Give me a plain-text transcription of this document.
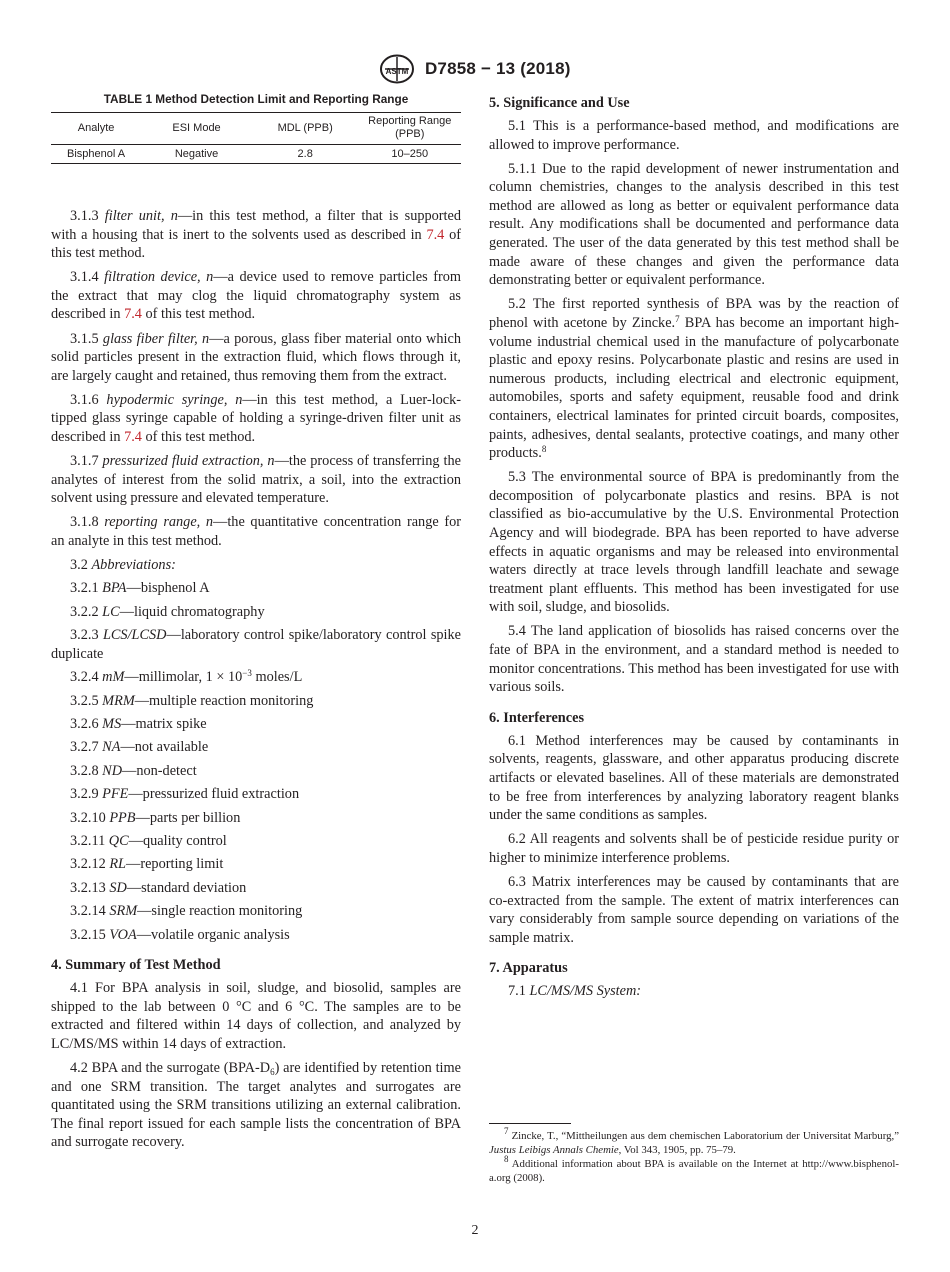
ASTM D7858 − 13 (2018)
TABLE 1 Method Detection Limit and Reporting Range
Analyte	ESI Mode	MDL (PPB)	Reporting Range (PPB)
Bisphenol A	Negative	2.8	10–250

3.1.3 filter unit, n—in this test method, a filter that is supported with a housing that is inert to the solvents used as described in 7.4 of this test method.

3.1.4 filtration device, n—a device used to remove particles from the extract that may clog the liquid chromatography system as described in 7.4 of this test method.

3.1.5 glass fiber filter, n—a porous, glass fiber material onto which solid particles present in the extraction fluid, which flows through it, are largely caught and retained, thus removing them from the extract.

3.1.6 hypodermic syringe, n—in this test method, a Luer-lock-tipped glass syringe capable of holding a syringe-driven filter unit as described in 7.4 of this test method.

3.1.7 pressurized fluid extraction, n—the process of transferring the analytes of interest from the solid matrix, a soil, into the extraction solvent using pressure and elevated temperature.

3.1.8 reporting range, n—the quantitative concentration range for an analyte in this test method.

3.2 Abbreviations:

3.2.1 BPA—bisphenol A

3.2.2 LC—liquid chromatography

3.2.3 LCS/LCSD—laboratory control spike/laboratory control spike duplicate

3.2.4 mM—millimolar, $1 \times 10^{-3}$ moles/L

3.2.5 MRM—multiple reaction monitoring

3.2.6 MS—matrix spike

3.2.7 NA—not available

3.2.8 ND—non-detect

3.2.9 PFE—pressurized fluid extraction

3.2.10 PPB—parts per billion

3.2.11 QC—quality control

3.2.12 RL—reporting limit

3.2.13 SD—standard deviation

3.2.14 SRM—single reaction monitoring

3.2.15 VOA—volatile organic analysis

4. Summary of Test Method

4.1 For BPA analysis in soil, sludge, and biosolid, samples are shipped to the lab between 0 °C and 6 °C. The samples are to be extracted and filtered within 14 days of collection, and analyzed by LC/MS/MS within 14 days of extraction.

4.2 BPA and the surrogate $(BPA-D_6)$ are identified by retention time and one SRM transition. The target analytes and surrogates are quantitated using the SRM transitions utilizing an external calibration. The final report issued for each sample lists the concentration of BPA and surrogate recovery.

5. Significance and Use

5.1 This is a performance-based method, and modifications are allowed to improve performance.

5.1.1 Due to the rapid development of newer instrumentation and column chemistries, changes to the analysis described in this test method are allowed as long as better or equivalent performance data result. Any modifications shall be documented and performance data generated. The user of the data generated by this test method shall be made aware of these changes and given the performance data demonstrating better or equivalent performance.

5.2 The first reported synthesis of BPA was by the reaction of phenol with acetone by Zincke.$^7$ BPA has become an important high-volume industrial chemical used in the manufacture of polycarbonate plastic and epoxy resins. Polycarbonate plastic and resins are used in numerous products, including electrical and electronic equipment, automobiles, sports and safety equipment, reusable food and drink containers, electrical laminates for printed circuit boards, composites, paints, adhesives, dental sealants, protective coatings, and many other products.$^8$

5.3 The environmental source of BPA is predominantly from the decomposition of polycarbonate plastics and resins. BPA is not classified as bio-accumulative by the U.S. Environmental Protection Agency and will biodegrade. BPA has been reported to have adverse effects in aquatic organisms and may be released into environmental waters directly at trace levels through landfill leachate and sewage treatment plant effluents. This method has been investigated for use with soil, sludge, and biosolids.

5.4 The land application of biosolids has raised concerns over the fate of BPA in the environment, and a standard method is needed to monitor concentrations. This method has been investigated for use with various soils.

6. Interferences

6.1 Method interferences may be caused by contaminants in solvents, reagents, glassware, and other apparatus producing discrete artifacts or elevated baselines. All of these materials are demonstrated to be free from interferences by analyzing laboratory reagent blanks under the same conditions as samples.

6.2 All reagents and solvents shall be of pesticide residue purity or higher to minimize interference problems.

6.3 Matrix interferences may be caused by contaminants that are co-extracted from the sample. The extent of matrix interferences can vary considerably from sample source depending on variations of the sample matrix.

7. Apparatus

7.1 LC/MS/MS System:

$^7$ Zincke, T., “Mittheilungen aus dem chemischen Laboratorium der Universitat Marburg,” Justus Leibigs Annals Chemie, Vol 343, 1905, pp. 75–79.

$^8$ Additional information about BPA is available on the Internet at http://www.bisphenol-a.org (2008).

2
